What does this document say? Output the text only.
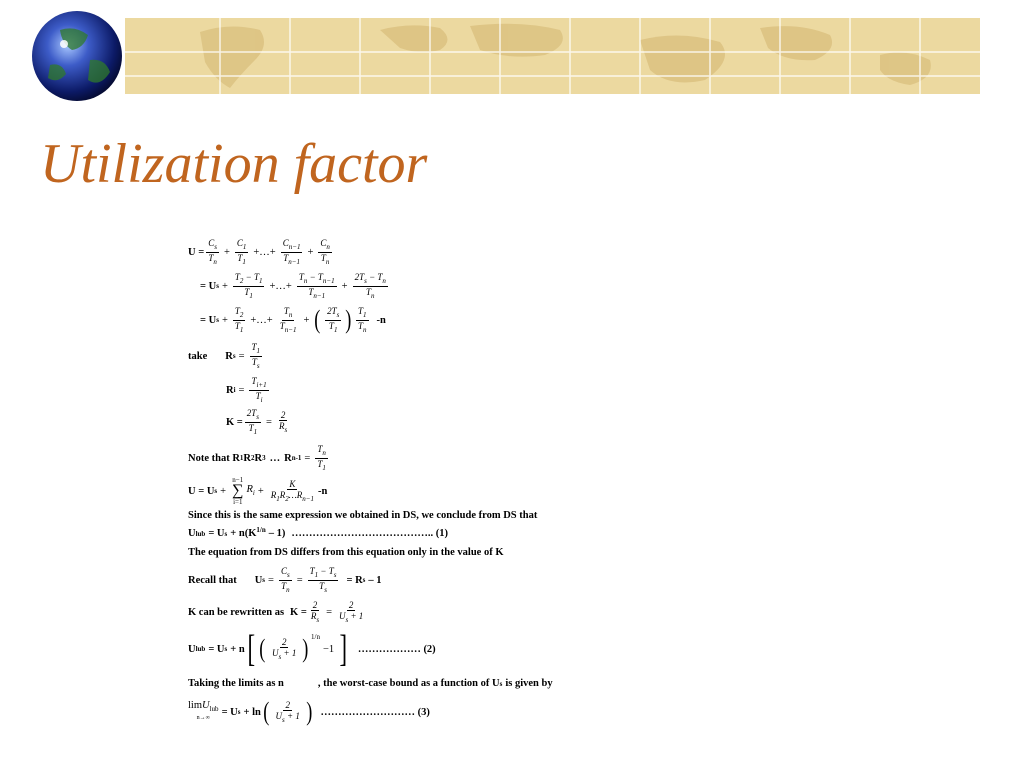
Utilization factor
$U = \frac{C_s}{T_n} + \frac{C_1}{T_1}$ +…+ $\frac{C_{n-1}}{T_{n-1}} + \frac{C_n}{T_n}$
= U $s + \frac{T_2 - T_1}{T_1}$ +…+ $\frac{T_n - T_{n-1}}{T_{n-1}} + \frac{2T_s - T_n}{T_n}$
= U $s + \frac{T_2}{T_1}$ +…+ $\frac{T_n}{T_{n-1}}$ + ( $\frac{2T_s}{T_1}$ ) $\frac{T_1}{T_n} -n$
take R $s = \frac{T_1}{T_s}$
R $i = \frac{T_{i+1}}{T_i}$
$K = \frac{2T_s}{T_1} = \frac{2}{R_s}$
Note that R 1 R 2 R 3 … R $n-1 = \frac{T_n}{T_1}$
U = U s +
n−1
∑
i=1
$R_i + \frac{K}{R_1R_2\dots R_{n-1}} -n$
Since this is the same expression we obtained in DS, we conclude from DS that
U lub = U $s + n(K^{1/n} - 1)$ ………………………………….. (1)
The equation from DS differs from this equation only in the value of K
Recall that U $s = \frac{C_s}{T_n} = \frac{T_1 - T_s}{T_s} = R$ s – 1
K can be rewritten as $K = \frac{2}{R_s} = \frac{2}{U_s + 1}$
U lub = U s + n [ ( $\frac{2}{U_s + 1}$ ) 1/n
−1 ] ……………… (2)
Taking the limits as n	, the worst-case bound as a function of U s is given by
limU$_{lub}$
n→∞
= U s + ln ( $\frac{2}{U_s + 1}$ ) ……………………… (3)
